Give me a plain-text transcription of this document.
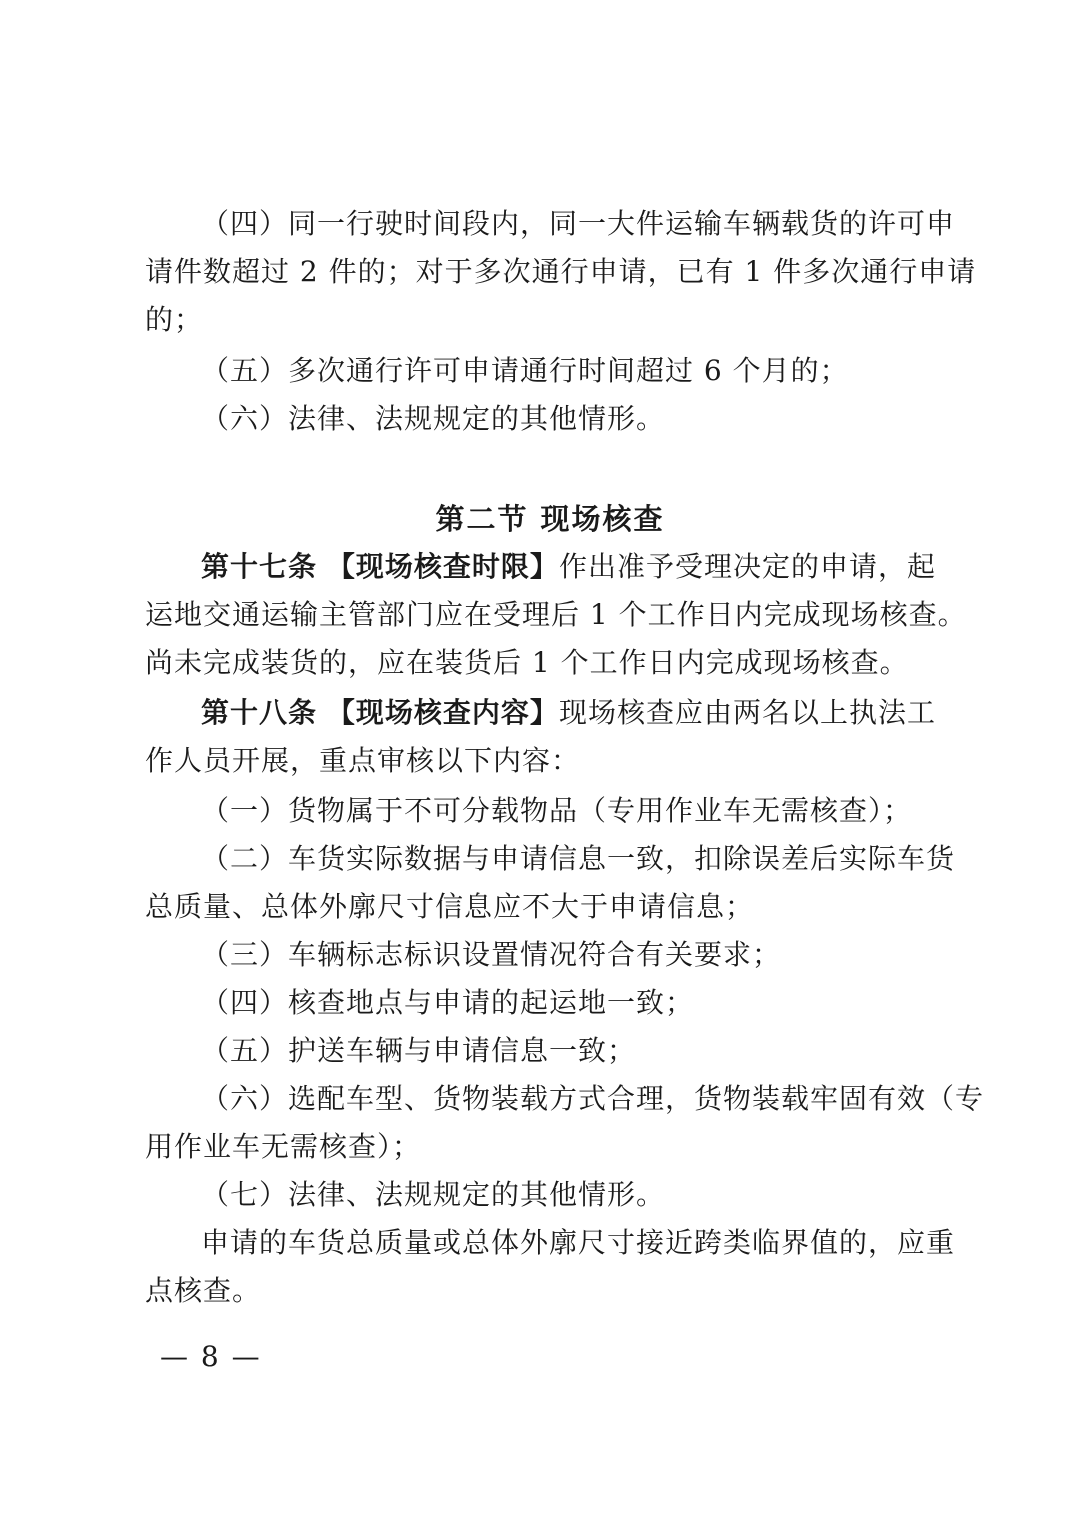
（四）同一行驶时间段内，同一大件运输车辆载货的许可申
请件数超过 2 件的；对于多次通行申请，已有 1 件多次通行申请
的；
（五）多次通行许可申请通行时间超过 6 个月的；
（六）法律、法规规定的其他情形。
第二节 现场核查
第十七条 【现场核查时限】作出准予受理决定的申请，起
运地交通运输主管部门应在受理后 1 个工作日内完成现场核查。
尚未完成装货的，应在装货后 1 个工作日内完成现场核查。
第十八条 【现场核查内容】现场核查应由两名以上执法工
作人员开展，重点审核以下内容：
（一）货物属于不可分载物品（专用作业车无需核查）；
（二）车货实际数据与申请信息一致，扣除误差后实际车货
总质量、总体外廓尺寸信息应不大于申请信息；
（三）车辆标志标识设置情况符合有关要求；
（四）核查地点与申请的起运地一致；
（五）护送车辆与申请信息一致；
（六）选配车型、货物装载方式合理，货物装载牢固有效（专
用作业车无需核查）；
（七）法律、法规规定的其他情形。
申请的车货总质量或总体外廓尺寸接近跨类临界值的，应重
点核查。
— 8 —
